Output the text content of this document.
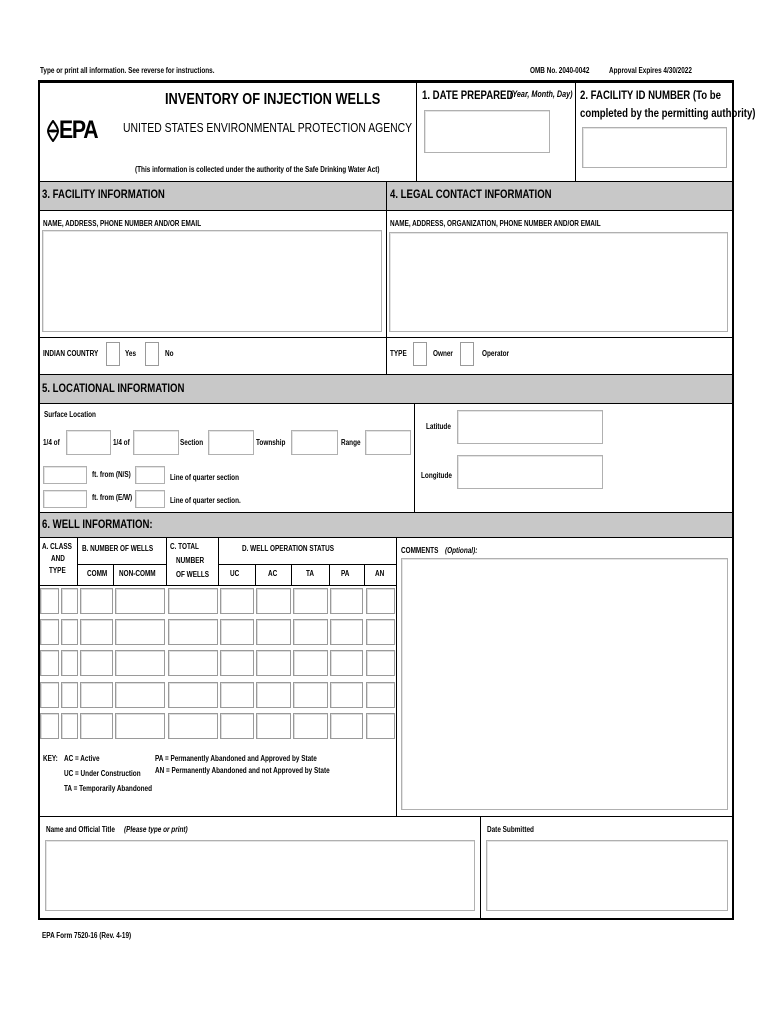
Type or print all information. See reverse for instructions.	OMB No. 2040-0042 Approval Expires 4/30/2022
EPA
INVENTORY OF INJECTION WELLS
UNITED STATES ENVIRONMENTAL PROTECTION AGENCY
(This information is collected under the authority of the Safe Drinking Water Act)
1. DATE PREPARED
(Year, Month, Day) 2. FACILITY ID NUMBER (To be
completed by the permitting authority)
3. FACILITY INFORMATION	4. LEGAL CONTACT INFORMATION
NAME, ADDRESS, PHONE NUMBER AND/OR EMAIL	NAME, ADDRESS, ORGANIZATION, PHONE NUMBER AND/OR EMAIL
INDIAN COUNTRY	Yes	No	TYPE	Owner	Operator
5. LOCATIONAL INFORMATION
Surface Location
1/4 of	1/4 of	Section	Township	Range
ft. from (N/S)	Line of quarter section
ft. from (E/W)	Line of quarter section.
Latitude
Longitude
6. WELL INFORMATION:
A. CLASS
AND
TYPE
B. NUMBER OF WELLS
COMM NON-COMM
C. TOTAL
NUMBER
OF WELLS
D. WELL OPERATION STATUS
UC	AC	TA	PA	AN
COMMENTS (Optional):
KEY: AC = Active
UC = Under Construction
TA = Temporarily Abandoned
PA = Permanently Abandoned and Approved by State
AN = Permanently Abandoned and not Approved by State
Name and Official Title (Please type or print)	Date Submitted
EPA Form 7520-16 (Rev. 4-19)
